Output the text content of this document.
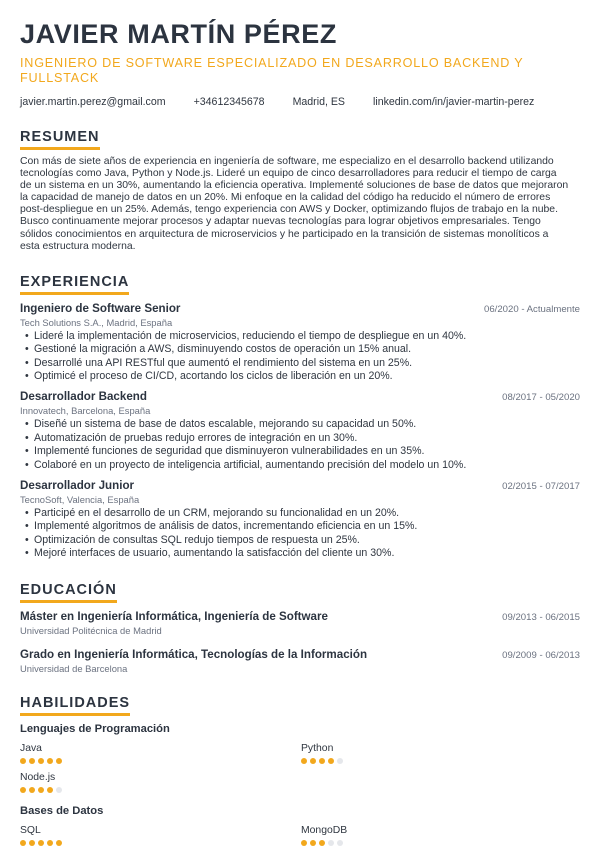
JAVIER MARTÍN PÉREZ
INGENIERO DE SOFTWARE ESPECIALIZADO EN DESARROLLO BACKEND Y FULLSTACK
javier.martin.perez@gmail.com	+34612345678	Madrid, ES	linkedin.com/in/javier-martin-perez
RESUMEN
Con más de siete años de experiencia en ingeniería de software, me especializo en el desarrollo backend utilizando tecnologías como Java, Python y Node.js. Lideré un equipo de cinco desarrolladores para reducir el tiempo de carga de un sistema en un 30%, aumentando la eficiencia operativa. Implementé soluciones de base de datos que mejoraron la capacidad de manejo de datos en un 20%. Mi enfoque en la calidad del código ha reducido el número de errores post-despliegue en un 25%. Además, tengo experiencia con AWS y Docker, optimizando flujos de trabajo en la nube. Busco continuamente mejorar procesos y adaptar nuevas tecnologías para lograr objetivos empresariales. Tengo sólidos conocimientos en arquitectura de microservicios y he participado en la transición de sistemas monolíticos a esta estructura moderna.
EXPERIENCIA
Ingeniero de Software Senior	06/2020 - Actualmente
Tech Solutions S.A., Madrid, España
• Lideré la implementación de microservicios, reduciendo el tiempo de despliegue en un 40%.
• Gestioné la migración a AWS, disminuyendo costos de operación un 15% anual.
• Desarrollé una API RESTful que aumentó el rendimiento del sistema en un 25%.
• Optimicé el proceso de CI/CD, acortando los ciclos de liberación en un 20%.
Desarrollador Backend	08/2017 - 05/2020
Innovatech, Barcelona, España
• Diseñé un sistema de base de datos escalable, mejorando su capacidad un 50%.
• Automatización de pruebas redujo errores de integración en un 30%.
• Implementé funciones de seguridad que disminuyeron vulnerabilidades en un 35%.
• Colaboré en un proyecto de inteligencia artificial, aumentando precisión del modelo un 10%.
Desarrollador Junior	02/2015 - 07/2017
TecnoSoft, Valencia, España
• Participé en el desarrollo de un CRM, mejorando su funcionalidad en un 20%.
• Implementé algoritmos de análisis de datos, incrementando eficiencia en un 15%.
• Optimización de consultas SQL redujo tiempos de respuesta un 25%.
• Mejoré interfaces de usuario, aumentando la satisfacción del cliente un 30%.
EDUCACIÓN
Máster en Ingeniería Informática, Ingeniería de Software	09/2013 - 06/2015
Universidad Politécnica de Madrid
Grado en Ingeniería Informática, Tecnologías de la Información	09/2009 - 06/2013
Universidad de Barcelona
HABILIDADES
Lenguajes de Programación
Java	Python
Node.js
Bases de Datos
SQL	MongoDB
